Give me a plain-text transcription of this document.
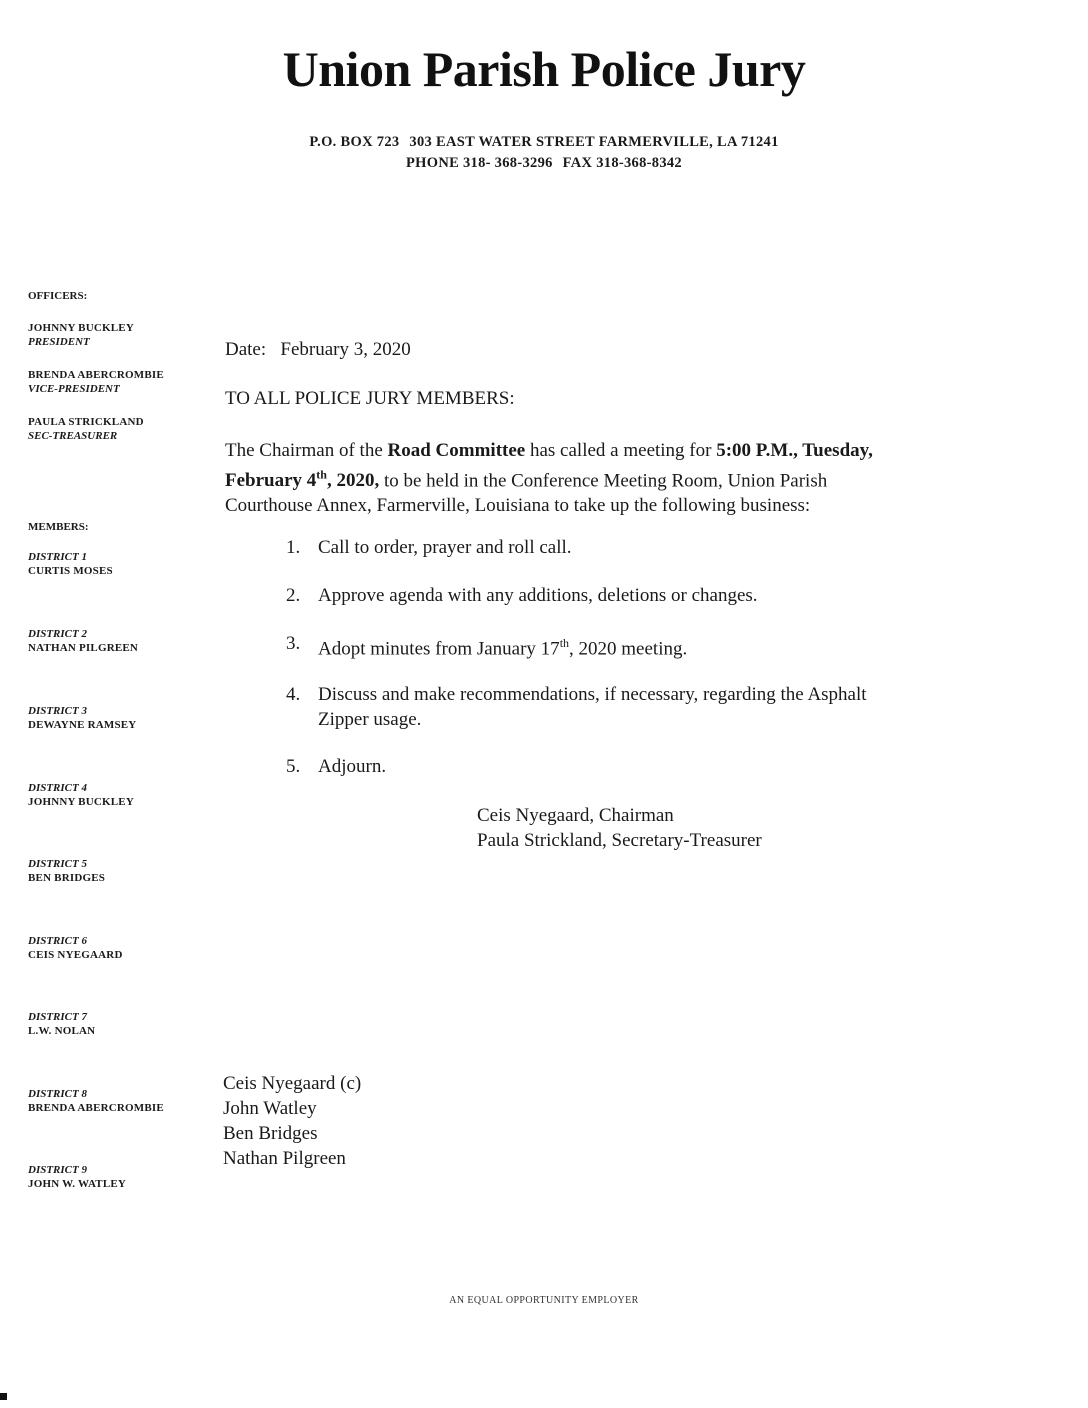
Union Parish Police Jury
P.O. BOX 723 303 EAST WATER STREET FARMERVILLE, LA 71241
PHONE 318- 368-3296 FAX 318-368-8342
OFFICERS:
JOHNNY BUCKLEY
PRESIDENT
BRENDA ABERCROMBIE
VICE-PRESIDENT
PAULA STRICKLAND
SEC-TREASURER
MEMBERS:
DISTRICT 1
CURTIS MOSES
DISTRICT 2
NATHAN PILGREEN
DISTRICT 3
DEWAYNE RAMSEY
DISTRICT 4
JOHNNY BUCKLEY
DISTRICT 5
BEN BRIDGES
DISTRICT 6
CEIS NYEGAARD
DISTRICT 7
L.W. NOLAN
DISTRICT 8
BRENDA ABERCROMBIE
DISTRICT 9
JOHN W. WATLEY
Date: February 3, 2020
TO ALL POLICE JURY MEMBERS:
The Chairman of the Road Committee has called a meeting for 5:00 P.M., Tuesday,
February 4th, 2020, to be held in the Conference Meeting Room, Union Parish
Courthouse Annex, Farmerville, Louisiana to take up the following business:
1. Call to order, prayer and roll call.
2. Approve agenda with any additions, deletions or changes.
3. Adopt minutes from January 17th, 2020 meeting.
4. Discuss and make recommendations, if necessary, regarding the Asphalt
Zipper usage.
5. Adjourn.
Ceis Nyegaard, Chairman
Paula Strickland, Secretary-Treasurer
Ceis Nyegaard (c)
John Watley
Ben Bridges
Nathan Pilgreen
AN EQUAL OPPORTUNITY EMPLOYER
